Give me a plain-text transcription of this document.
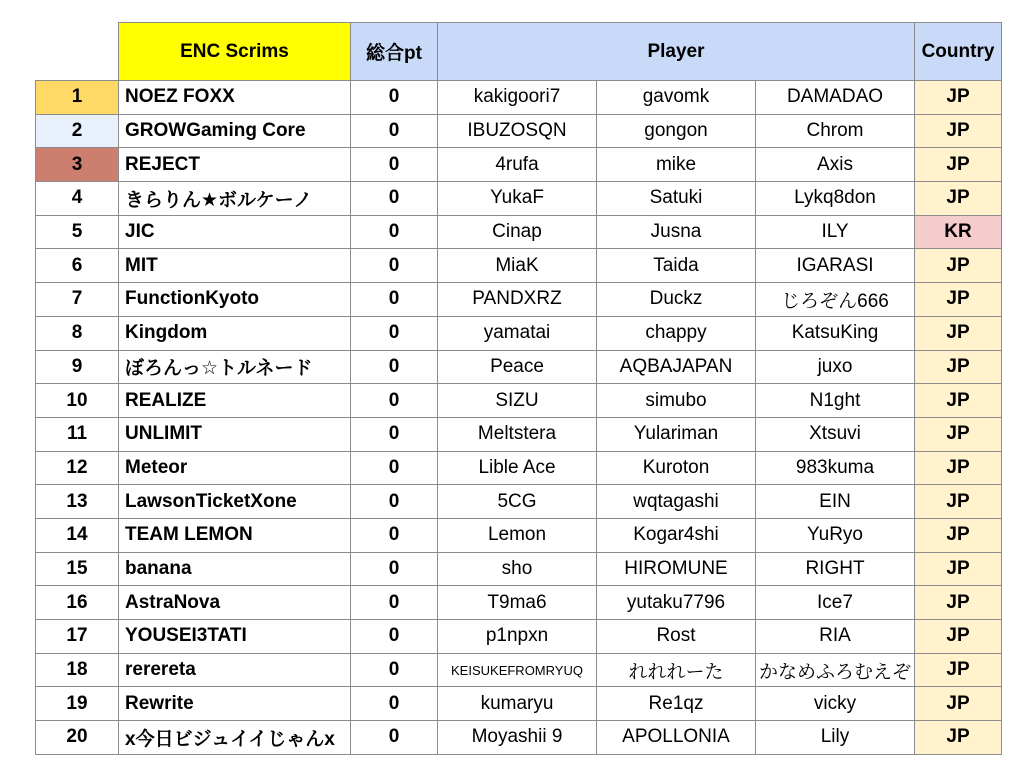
	ENC Scrims	総合pt	Player			Country
1	NOEZ FOXX	0	kakigoori7	gavomk	DAMADAO	JP
2	GROWGaming Core	0	IBUZOSQN	gongon	Chrom	JP
3	REJECT	0	4rufa	mike	Axis	JP
4	きらりん★ボルケーノ	0	YukaF	Satuki	Lykq8don	JP
5	JIC	0	Cinap	Jusna	ILY	KR
6	MIT	0	MiaK	Taida	IGARASI	JP
7	FunctionKyoto	0	PANDXRZ	Duckz	じろぞん666	JP
8	Kingdom	0	yamatai	chappy	KatsuKing	JP
9	ぼろんっ☆トルネード	0	Peace	AQBAJAPAN	juxo	JP
10	REALIZE	0	SIZU	simubo	N1ght	JP
11	UNLIMIT	0	Meltstera	Yulariman	Xtsuvi	JP
12	Meteor	0	Lible Ace	Kuroton	983kuma	JP
13	LawsonTicketXone	0	5CG	wqtagashi	EIN	JP
14	TEAM LEMON	0	Lemon	Kogar4shi	YuRyo	JP
15	banana	0	sho	HIROMUNE	RIGHT	JP
16	AstraNova	0	T9ma6	yutaku7796	Ice7	JP
17	YOUSEI3TATI	0	p1npxn	Rost	RIA	JP
18	rerereta	0	KEISUKEFROMRYUQ	れれれーた	かなめふろむえぞ	JP
19	Rewrite	0	kumaryu	Re1qz	vicky	JP
20	x今日ビジュイイじゃんx	0	Moyashii 9	APOLLONIA	Lily	JP
